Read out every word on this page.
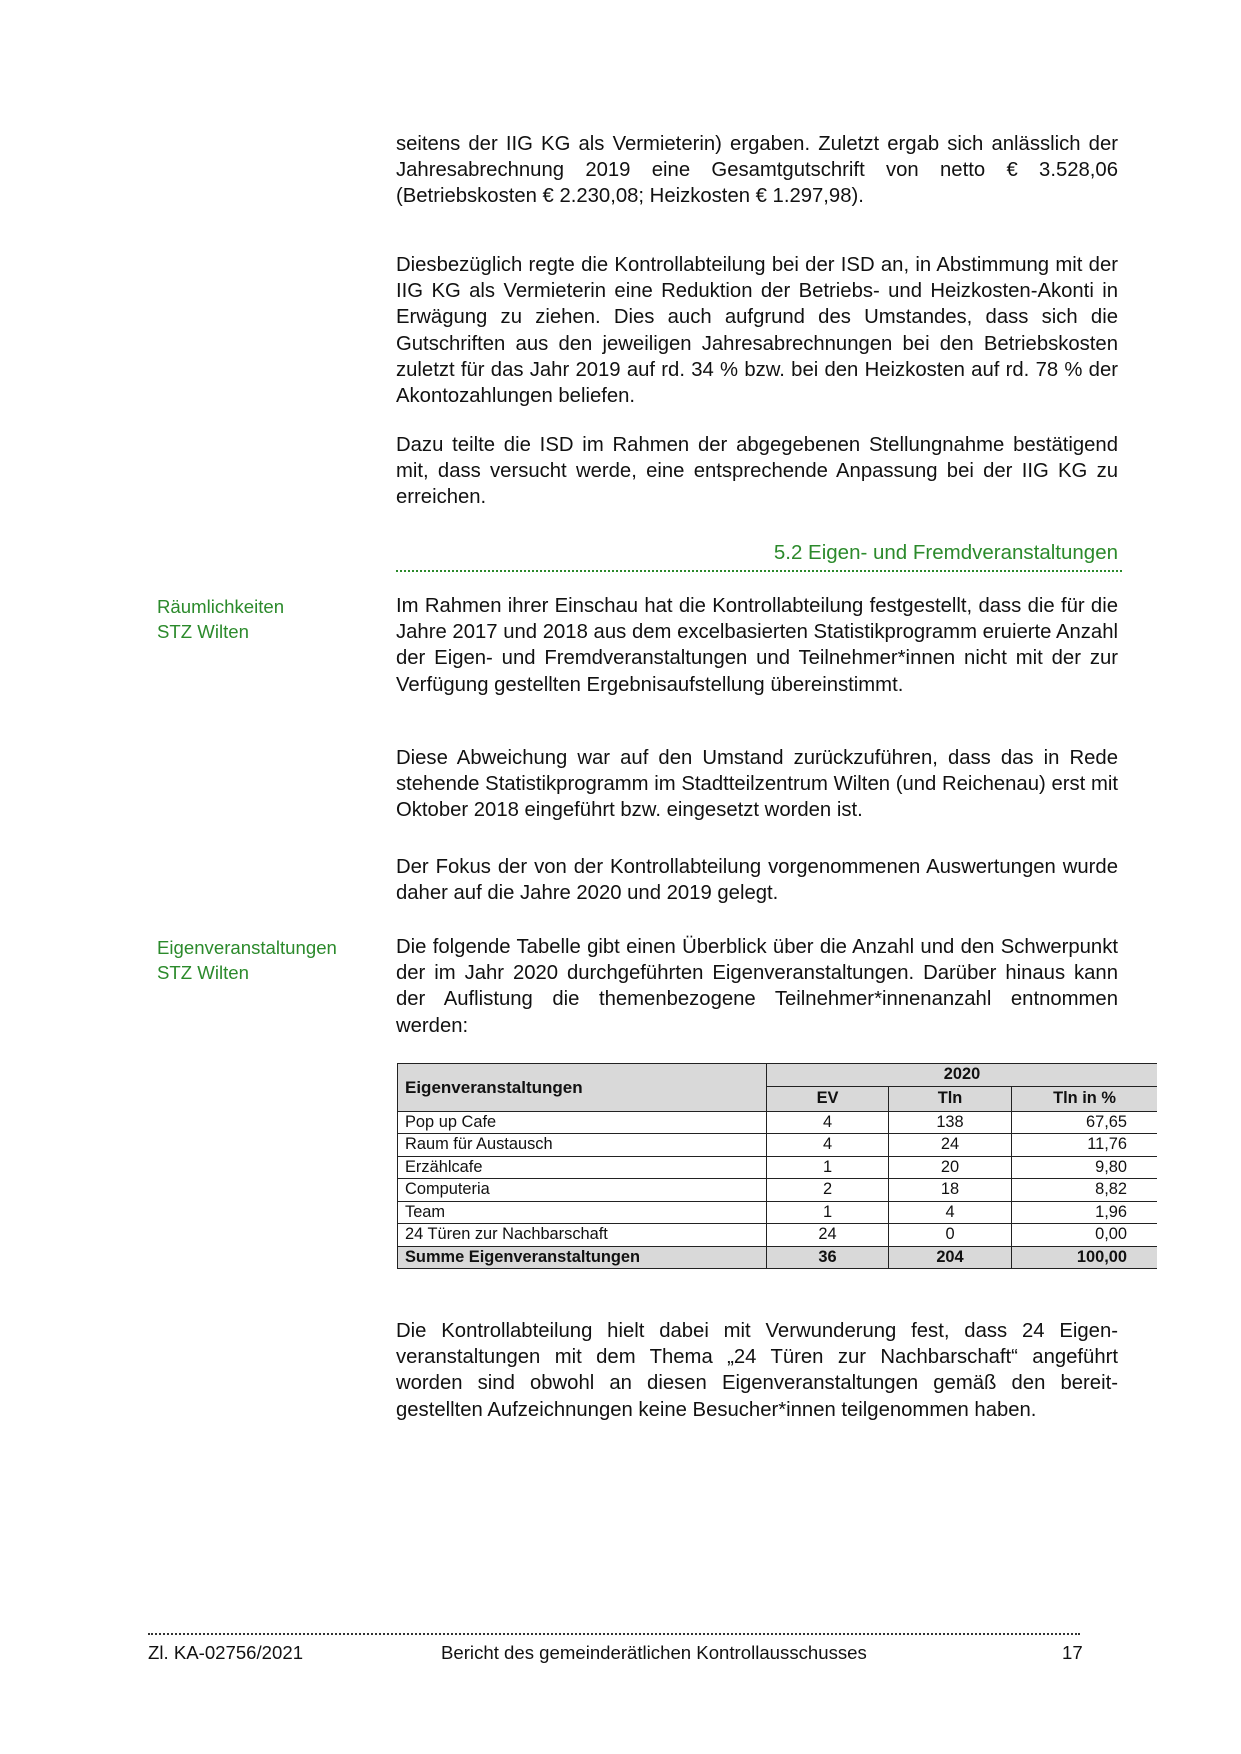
seitens der IIG KG als Vermieterin) ergaben. Zuletzt ergab sich anlässlich der Jahresabrechnung 2019 eine Gesamtgutschrift von netto € 3.528,06 (Betriebskosten € 2.230,08; Heizkosten € 1.297,98).

Diesbezüglich regte die Kontrollabteilung bei der ISD an, in Abstimmung mit der IIG KG als Vermieterin eine Reduktion der Betriebs- und Heizkosten-Akonti in Erwägung zu ziehen. Dies auch aufgrund des Umstandes, dass sich die Gutschriften aus den jeweiligen Jahresabrechnungen bei den Betriebskosten zuletzt für das Jahr 2019 auf rd. 34 % bzw. bei den Heizkosten auf rd. 78 % der Akontozahlungen beliefen.

Dazu teilte die ISD im Rahmen der abgegebenen Stellungnahme bestätigend mit, dass versucht werde, eine entsprechende Anpassung bei der IIG KG zu erreichen.

5.2 Eigen- und Fremdveranstaltungen
Räumlichkeiten
STZ Wilten

Im Rahmen ihrer Einschau hat die Kontrollabteilung festgestellt, dass die für die Jahre 2017 und 2018 aus dem excelbasierten Statistikprogramm eruierte Anzahl der Eigen- und Fremdveranstaltungen und Teilnehmer*innen nicht mit der zur Verfügung gestellten Ergebnisaufstellung übereinstimmt.

Diese Abweichung war auf den Umstand zurückzuführen, dass das in Rede stehende Statistikprogramm im Stadtteilzentrum Wilten (und Reichenau) erst mit Oktober 2018 eingeführt bzw. eingesetzt worden ist.

Der Fokus der von der Kontrollabteilung vorgenommenen Auswertungen wurde daher auf die Jahre 2020 und 2019 gelegt.

Eigenveranstaltungen
STZ Wilten

Die folgende Tabelle gibt einen Überblick über die Anzahl und den Schwerpunkt der im Jahr 2020 durchgeführten Eigenveranstaltungen. Darüber hinaus kann der Auflistung die themenbezogene Teilnehmer*innenanzahl entnommen werden:

Eigenveranstaltungen	2020		
	EV	Tln	Tln in %
Pop up Cafe	4	138	67,65
Raum für Austausch	4	24	11,76
Erzählcafe	1	20	9,80
Computeria	2	18	8,82
Team	1	4	1,96
24 Türen zur Nachbarschaft	24	0	0,00
Summe Eigenveranstaltungen	36	204	100,00

Die Kontrollabteilung hielt dabei mit Verwunderung fest, dass 24 Eigenveranstaltungen mit dem Thema „24 Türen zur Nachbarschaft“ angeführt worden sind obwohl an diesen Eigenveranstaltungen gemäß den bereitgestellten Aufzeichnungen keine Besucher*innen teilgenommen haben.

Zl. KA-02756/2021	Bericht des gemeinderätlichen Kontrollausschusses	17
